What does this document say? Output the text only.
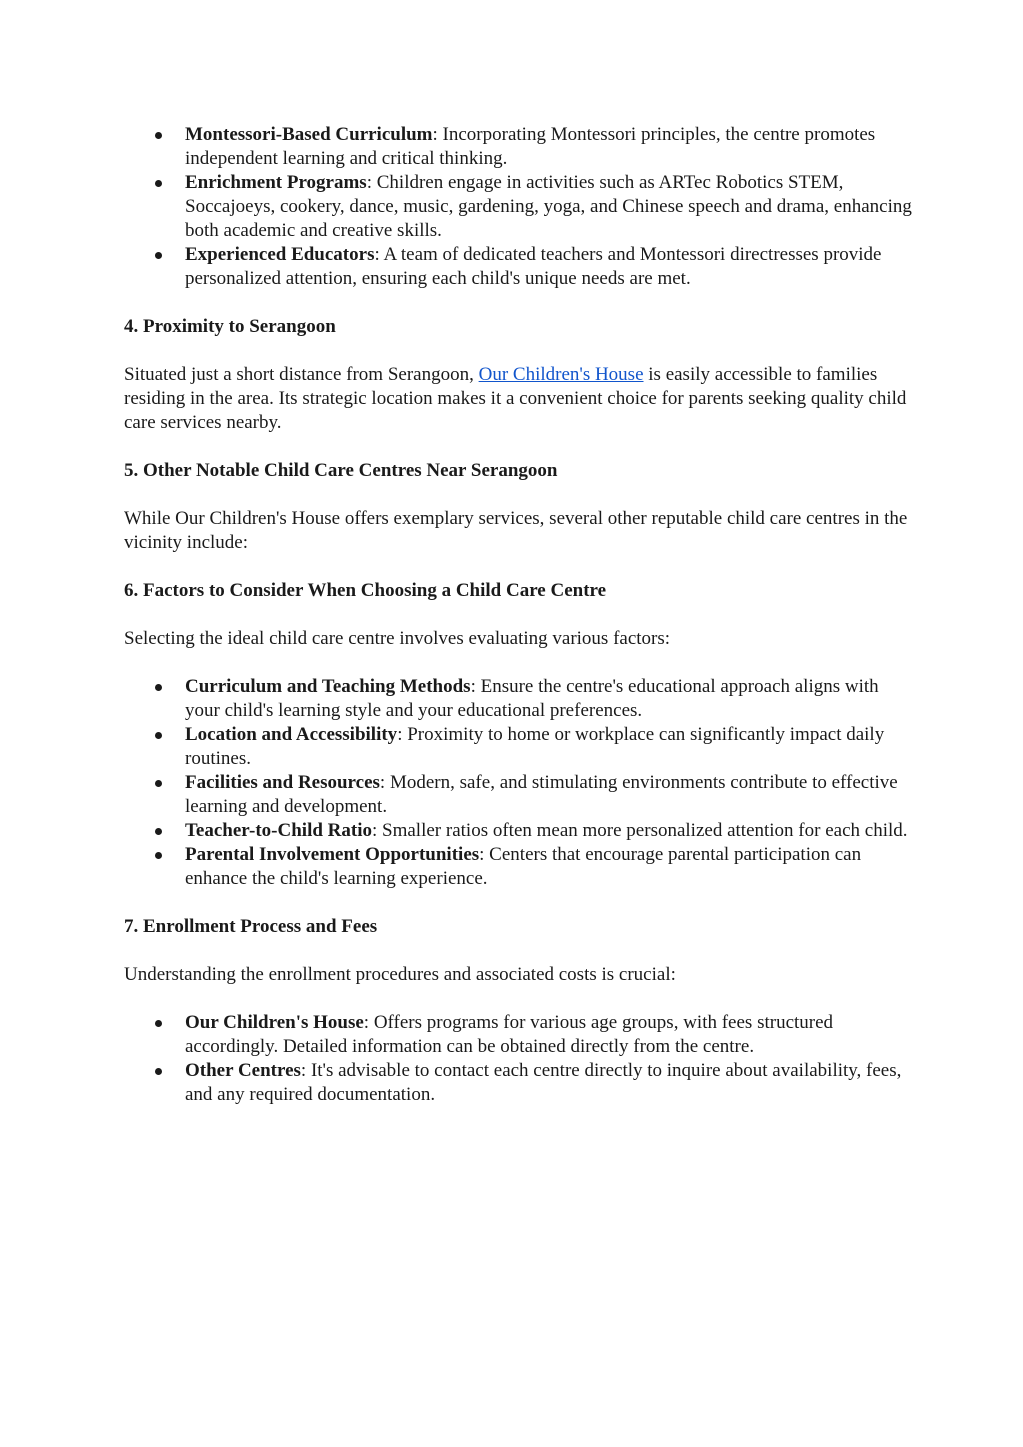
Montessori-Based Curriculum: Incorporating Montessori principles, the centre promotes independent learning and critical thinking.
Enrichment Programs: Children engage in activities such as ARTec Robotics STEM, Soccajoeys, cookery, dance, music, gardening, yoga, and Chinese speech and drama, enhancing both academic and creative skills.
Experienced Educators: A team of dedicated teachers and Montessori directresses provide personalized attention, ensuring each child's unique needs are met.
4. Proximity to Serangoon

Situated just a short distance from Serangoon, Our Children's House is easily accessible to families residing in the area. Its strategic location makes it a convenient choice for parents seeking quality child care services nearby.

5. Other Notable Child Care Centres Near Serangoon

While Our Children's House offers exemplary services, several other reputable child care centres in the vicinity include:

6. Factors to Consider When Choosing a Child Care Centre

Selecting the ideal child care centre involves evaluating various factors:

Curriculum and Teaching Methods: Ensure the centre's educational approach aligns with your child's learning style and your educational preferences.
Location and Accessibility: Proximity to home or workplace can significantly impact daily routines.
Facilities and Resources: Modern, safe, and stimulating environments contribute to effective learning and development.
Teacher-to-Child Ratio: Smaller ratios often mean more personalized attention for each child.
Parental Involvement Opportunities: Centers that encourage parental participation can enhance the child's learning experience.
7. Enrollment Process and Fees

Understanding the enrollment procedures and associated costs is crucial:

Our Children's House: Offers programs for various age groups, with fees structured accordingly. Detailed information can be obtained directly from the centre.
Other Centres: It's advisable to contact each centre directly to inquire about availability, fees, and any required documentation.
